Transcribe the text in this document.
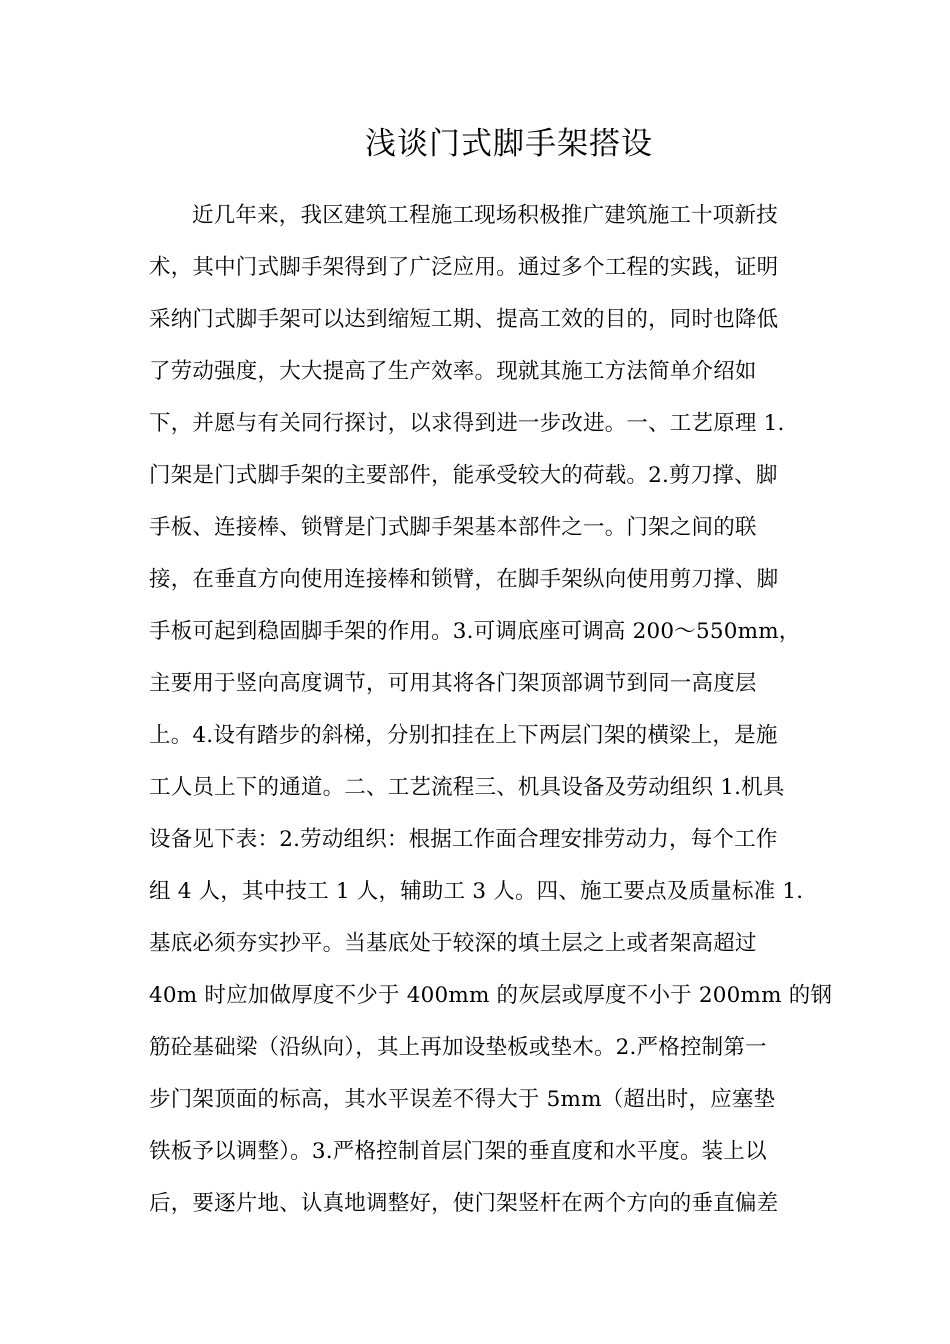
浅谈门式脚手架搭设
近几年来，我区建筑工程施工现场积极推广建筑施工十项新技
术，其中门式脚手架得到了广泛应用。通过多个工程的实践，证明
采纳门式脚手架可以达到缩短工期、提高工效的目的，同时也降低
了劳动强度，大大提高了生产效率。现就其施工方法简单介绍如
下，并愿与有关同行探讨，以求得到进一步改进。一、工艺原理 1.
门架是门式脚手架的主要部件，能承受较大的荷载。2.剪刀撑、脚
手板、连接棒、锁臂是门式脚手架基本部件之一。门架之间的联
接，在垂直方向使用连接棒和锁臂，在脚手架纵向使用剪刀撑、脚
手板可起到稳固脚手架的作用。3.可调底座可调高 200～550mm，
主要用于竖向高度调节，可用其将各门架顶部调节到同一高度层
上。4.设有踏步的斜梯，分别扣挂在上下两层门架的横梁上，是施
工人员上下的通道。二、工艺流程三、机具设备及劳动组织 1.机具
设备见下表：2.劳动组织：根据工作面合理安排劳动力，每个工作
组 4 人，其中技工 1 人，辅助工 3 人。四、施工要点及质量标准 1.
基底必须夯实抄平。当基底处于较深的填土层之上或者架高超过
40m 时应加做厚度不少于 400mm 的灰层或厚度不小于 200mm 的钢
筋砼基础梁（沿纵向），其上再加设垫板或垫木。2.严格控制第一
步门架顶面的标高，其水平误差不得大于 5mm（超出时，应塞垫
铁板予以调整）。3.严格控制首层门架的垂直度和水平度。装上以
后，要逐片地、认真地调整好，使门架竖杆在两个方向的垂直偏差
